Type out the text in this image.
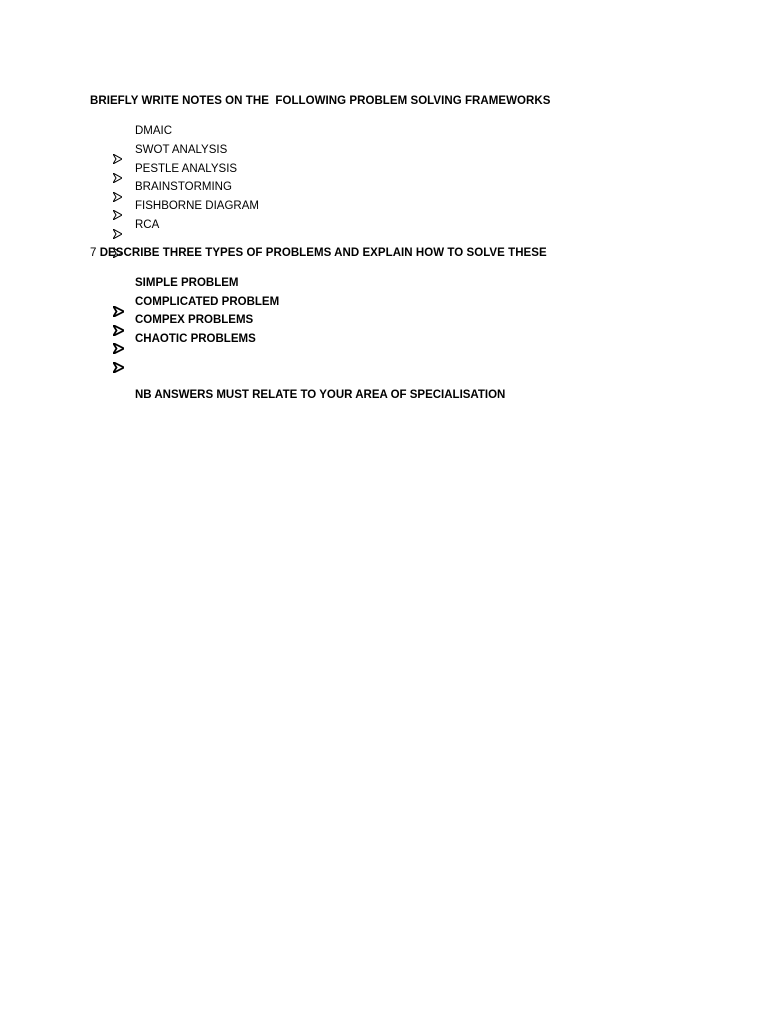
BRIEFLY WRITE NOTES ON THE  FOLLOWING PROBLEM SOLVING FRAMEWORKS

DMAIC

SWOT ANALYSIS

PESTLE ANALYSIS

BRAINSTORMING

FISHBORNE DIAGRAM

RCA
7 DESCRIBE THREE TYPES OF PROBLEMS AND EXPLAIN HOW TO SOLVE THESE

SIMPLE PROBLEM

COMPLICATED PROBLEM

COMPEX PROBLEMS

CHAOTIC PROBLEMS
NB ANSWERS MUST RELATE TO YOUR AREA OF SPECIALISATION
